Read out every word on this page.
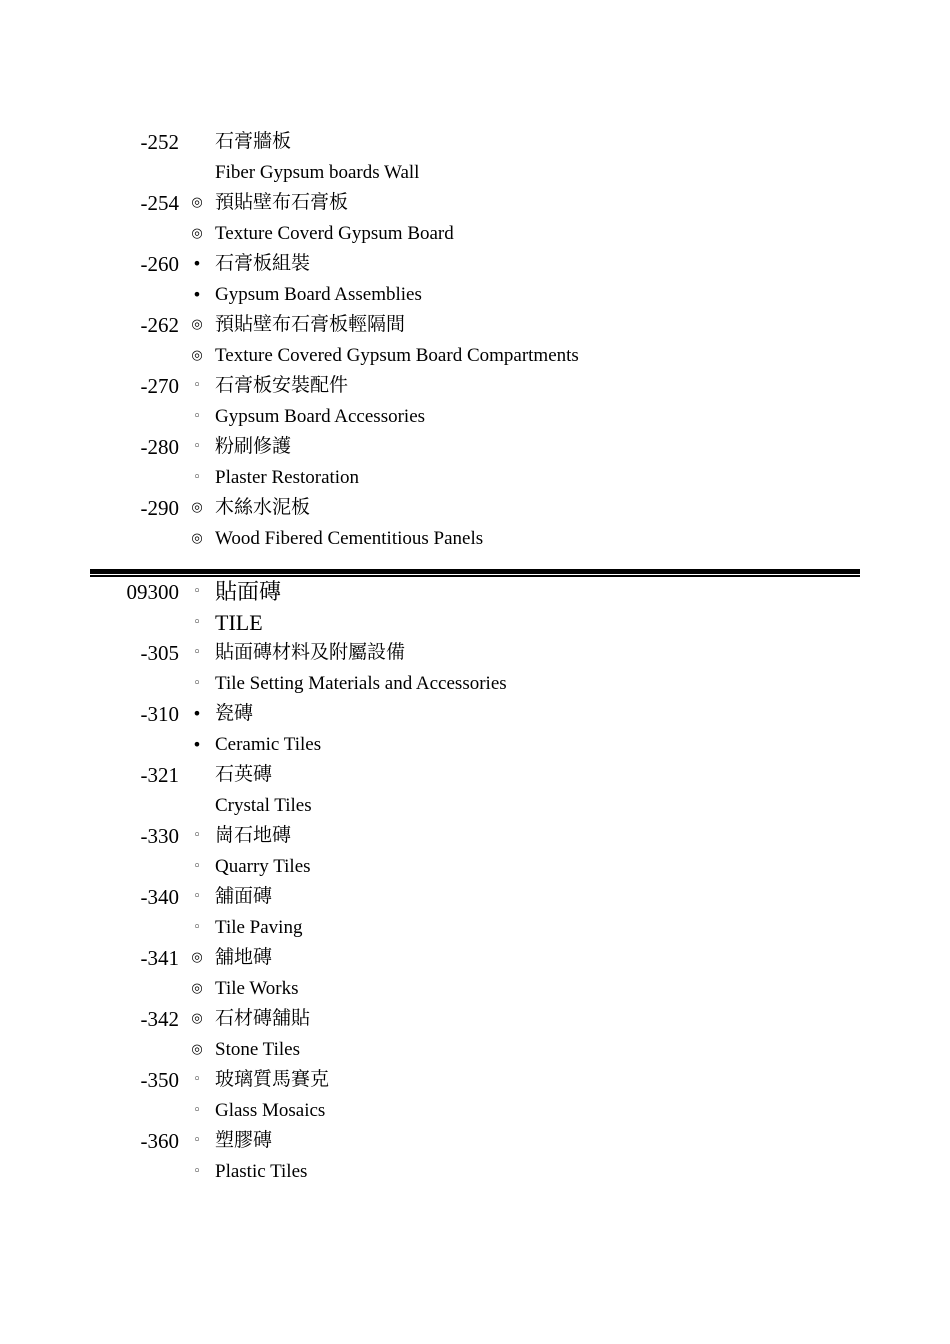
-252 石膏牆板
Fiber Gypsum boards Wall
-254 ◎ 預貼壁布石膏板
◎ Texture Coverd Gypsum Board
-260 • 石膏板組裝
• Gypsum Board Assemblies
-262 ◎ 預貼壁布石膏板輕隔間
◎ Texture Covered Gypsum Board Compartments
-270	◦ 石膏板安裝配件
◦ Gypsum Board Accessories
-280	◦ 粉刷修護
◦ Plaster Restoration
-290 ◎ 木絲水泥板
◎ Wood Fibered Cementitious Panels
09300	◦ 貼面磚
◦ TILE
-305	◦ 貼面磚材料及附屬設備
◦ Tile Setting Materials and Accessories
-310 • 瓷磚
• Ceramic Tiles
-321 石英磚
Crystal Tiles
-330	◦ 崗石地磚
◦ Quarry Tiles
-340	◦ 舖面磚
◦ Tile Paving
-341 ◎ 舖地磚
◎ Tile Works
-342 ◎ 石材磚舖貼
◎ Stone Tiles
-350	◦ 玻璃質馬賽克
◦ Glass Mosaics
-360	◦ 塑膠磚
◦ Plastic Tiles
